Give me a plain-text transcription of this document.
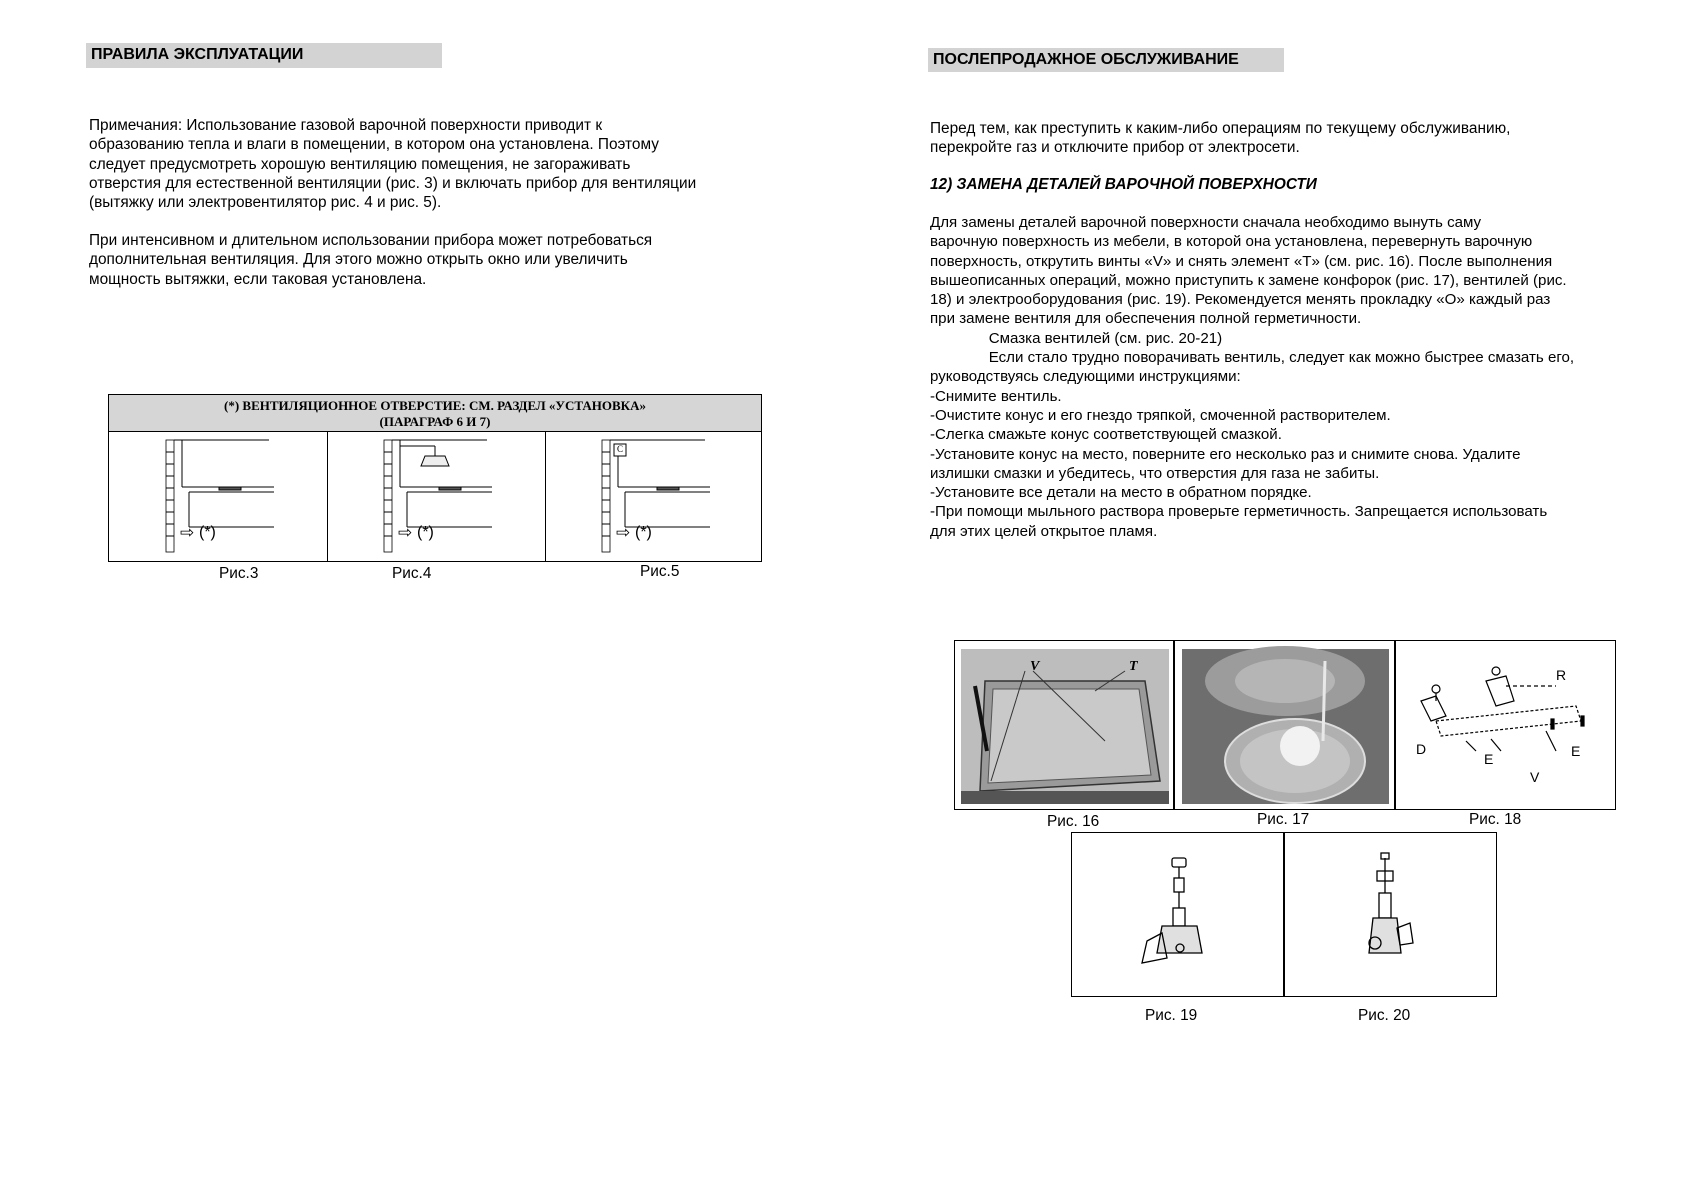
ПРАВИЛА ЭКСПЛУАТАЦИИ

Примечания: Использование газовой варочной поверхности приводит к
образованию тепла и влаги в помещении, в котором она установлена. Поэтому
следует предусмотреть хорошую вентиляцию помещения, не загораживать
отверстия для естественной вентиляции (рис. 3) и включать прибор для вентиляции
(вытяжку или электровентилятор рис. 4 и рис. 5).

При интенсивном и длительном использовании прибора может потребоваться
дополнительная вентиляция. Для этого можно открыть окно или увеличить
мощность вытяжки, если таковая установлена.

(*) ВЕНТИЛЯЦИОННОЕ ОТВЕРСТИЕ: СМ. РАЗДЕЛ «УСТАНОВКА»
(ПАРАГРАФ 6 И 7)
⇨ (*)	⇨ (*)
C
⇨ (*)
Рис.3	Рис.4	Рис.5
ПОСЛЕПРОДАЖНОЕ ОБСЛУЖИВАНИЕ

Перед тем, как преступить к каким-либо операциям по текущему обслуживанию,
перекройте газ и отключите прибор от электросети.

12) ЗАМЕНА ДЕТАЛЕЙ ВАРОЧНОЙ ПОВЕРХНОСТИ

Для замены деталей варочной поверхности сначала необходимо вынуть саму
варочную поверхность из мебели, в которой она установлена, перевернуть варочную
поверхность, открутить винты «V» и снять элемент «T» (см. рис. 16). После выполнения
вышеописанных операций, можно приступить к замене конфорок (рис. 17), вентилей (рис.
18) и электрооборудования (рис. 19). Рекомендуется менять прокладку «О» каждый раз
при замене вентиля для обеспечения полной герметичности.
Смазка вентилей (см. рис. 20-21)
Если стало трудно поворачивать вентиль, следует как можно быстрее смазать его,
руководствуясь следующими инструкциями:
-Снимите вентиль.
-Очистите конус и его гнездо тряпкой, смоченной растворителем.
-Слегка смажьте конус соответствующей смазкой.
-Установите конус на место, поверните его несколько раз и снимите снова. Удалите
излишки смазки и убедитесь, что отверстия для газа не забиты.
-Установите все детали на место в обратном порядке.
-При помощи мыльного раствора проверьте герметичность. Запрещается использовать
для этих целей открытое пламя.

V	T
R
D
E	E
V
Рис. 16	Рис. 17	Рис. 18
Рис. 19	Рис. 20
